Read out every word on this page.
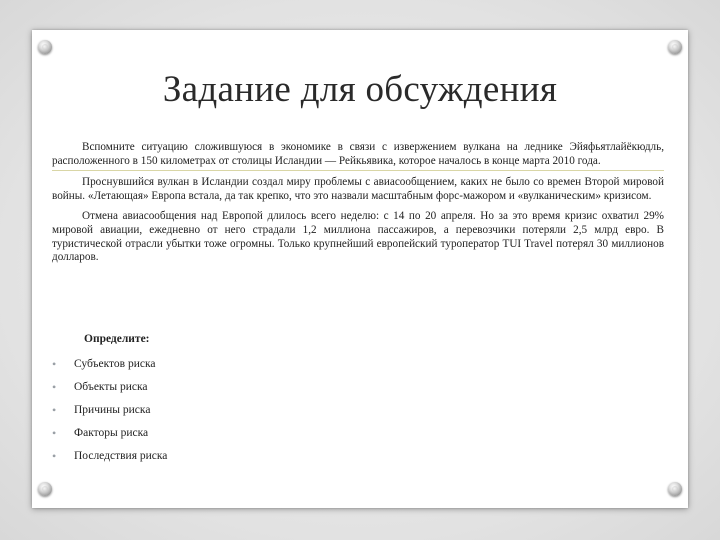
Задание для обсуждения

Вспомните ситуацию сложившуюся в экономике в связи с извержением вулкана на леднике Эйяфьятлайёкюдль, расположенного в 150 километрах от столицы Исландии — Рейкьявика, которое началось в конце марта 2010 года.

Проснувшийся вулкан в Исландии создал миру проблемы с авиасообщением, каких не было со времен Второй мировой войны. «Летающая» Европа встала, да так крепко, что это назвали масштабным форс-мажором и «вулканическим» кризисом.

Отмена авиасообщения над Европой длилось всего неделю: с 14 по 20 апреля. Но за это время кризис охватил 29% мировой авиации, ежедневно от него страдали 1,2 миллиона пассажиров, а перевозчики потеряли 2,5 млрд евро. В туристической отрасли убытки тоже огромны. Только крупнейший европейский туроператор TUI Travel потерял 30 миллионов долларов.

Определите:
•	Субъектов риска
•	Объекты риска
•	Причины риска
•	Факторы риска
•	Последствия риска
